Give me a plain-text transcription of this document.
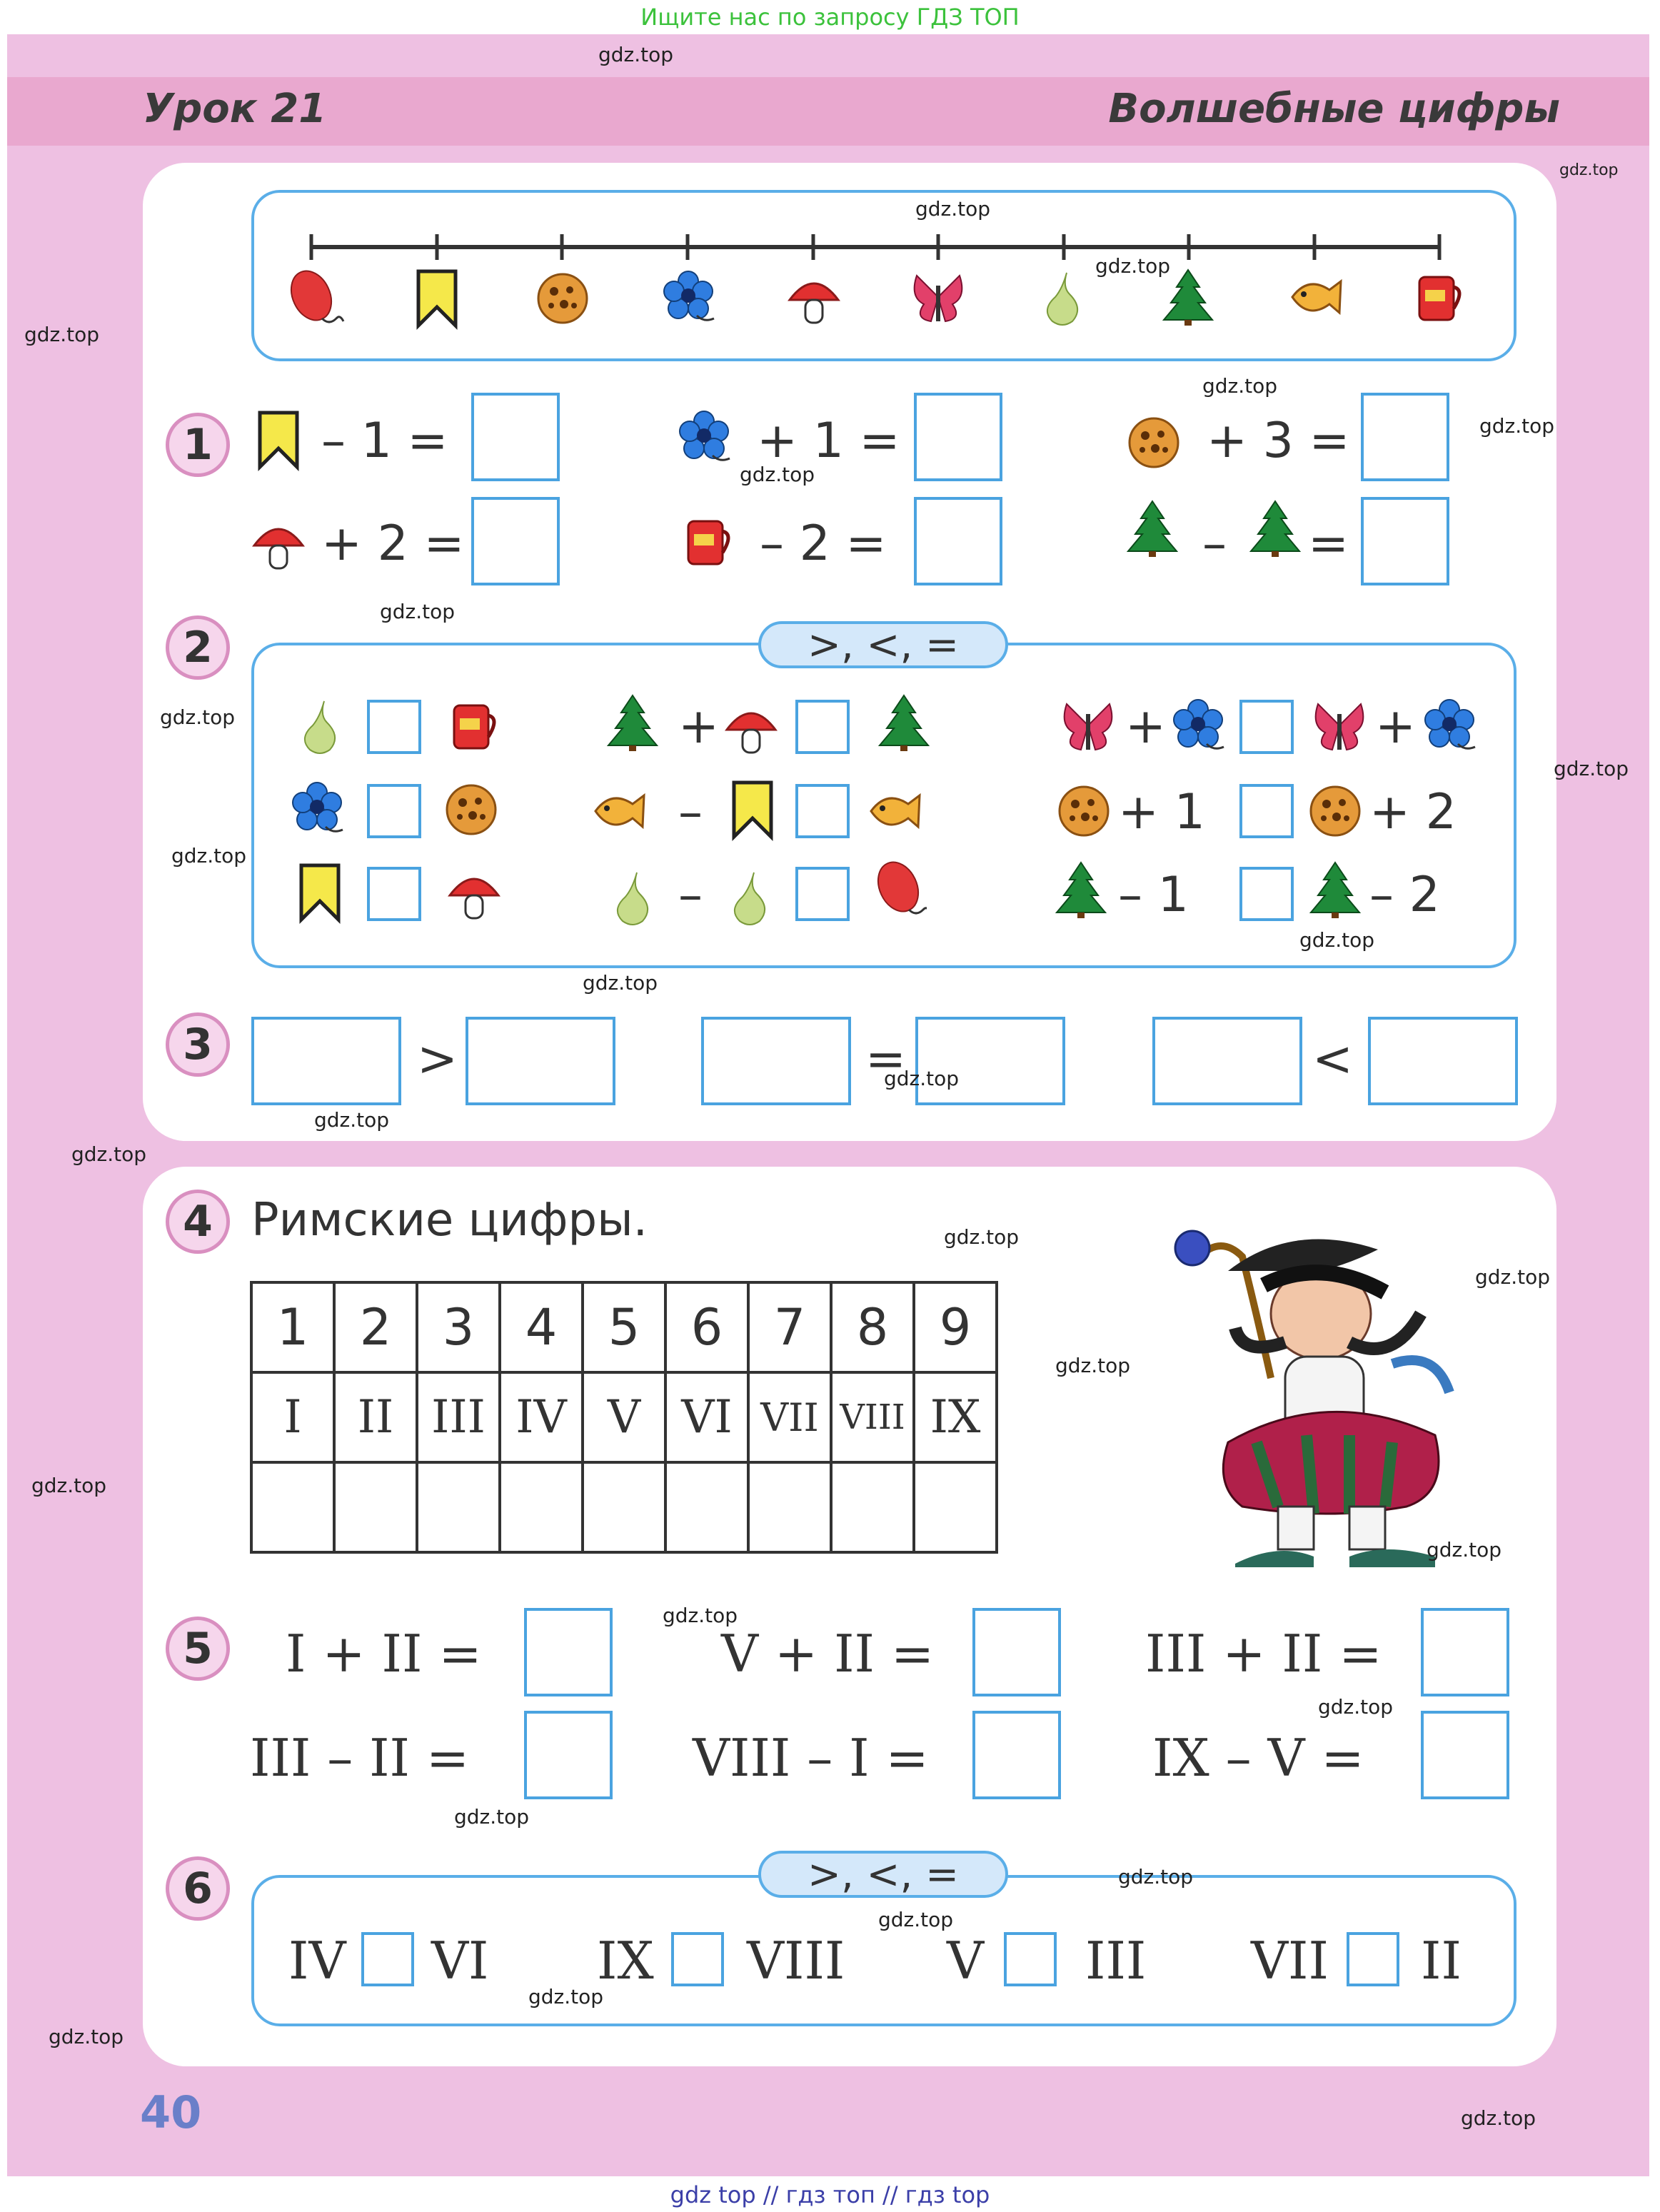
Ищите нас по запросу ГДЗ ТОП
Урок 21	Волшебные цифры
1	– 1 =	+ 1 =	+ 3 =
+ 2 =	– 2 =	– =
2	>, <, =
+	+	+
–	+ 1	+ 2
–	– 1	– 2
3	>	=	<
4 Римские цифры.
1	2	3	4	5	6	7	8	9
I	II	III	IV	V	VI	VII	VIII	IX

5	I + II =	V + II =	III + II =
III – II =	VIII – I =	IX – V =
6	>, <, =
IV VI IX VIII V III VII II
40
gdz.top
gdz.top
gdz.top
gdz.top
gdz.top
gdz.top
gdz.top
gdz.top
gdz.top
gdz.top
gdz.top
gdz.top
gdz.top
gdz.top
gdz.top
gdz.top
gdz.top
gdz.top
gdz.top
gdz.top
gdz.top
gdz.top
gdz.top
gdz.top
gdz.top
gdz.top
gdz.top
gdz.top
gdz.top
gdz.top
gdz top // гдз топ // гдз top
